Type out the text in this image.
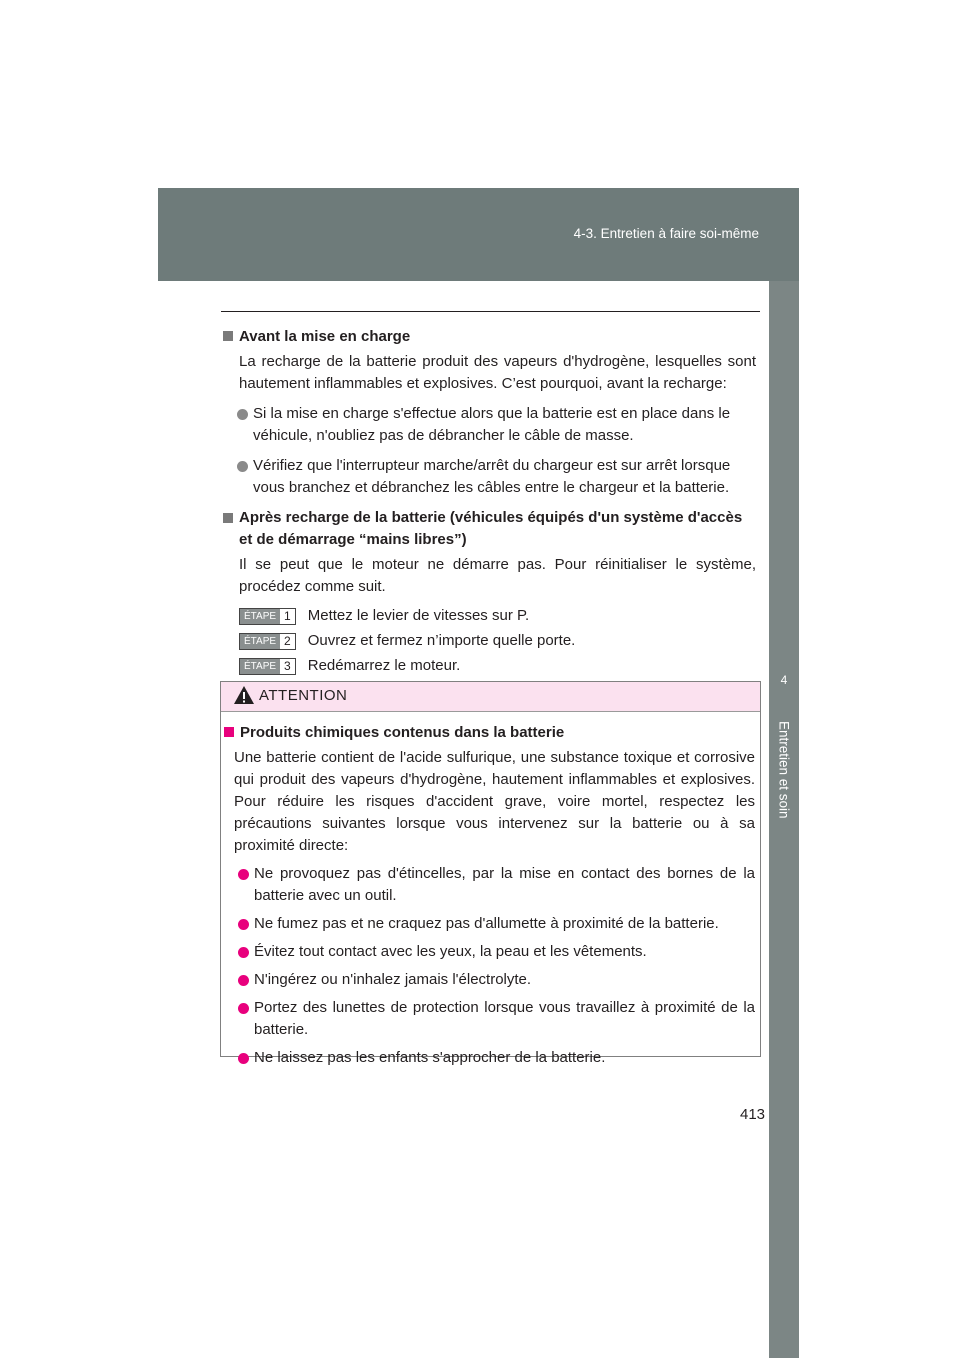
4-3. Entretien à faire soi-même
4
Entretien et soin
Avant la mise en charge
La recharge de la batterie produit des vapeurs d'hydrogène, lesquelles sont hautement inflammables et explosives. C’est pourquoi, avant la recharge:
Si la mise en charge s'effectue alors que la batterie est en place dans le véhicule, n'oubliez pas de débrancher le câble de masse.
Vérifiez que l'interrupteur marche/arrêt du chargeur est sur arrêt lorsque vous branchez et débranchez les câbles entre le chargeur et la batterie.
Après recharge de la batterie (véhicules équipés d'un système d'accès et de démarrage “mains libres”)
Il se peut que le moteur ne démarre pas. Pour réinitialiser le système, procédez comme suit.
ÉTAPE 1 Mettez le levier de vitesses sur P.
ÉTAPE 2 Ouvrez et fermez n’importe quelle porte.
ÉTAPE 3 Redémarrez le moteur.
ATTENTION
Produits chimiques contenus dans la batterie
Une batterie contient de l'acide sulfurique, une substance toxique et corrosive qui produit des vapeurs d'hydrogène, hautement inflammables et explosives. Pour réduire les risques d'accident grave, voire mortel, respectez les précautions suivantes lorsque vous intervenez sur la batterie ou à sa proximité directe:
Ne provoquez pas d'étincelles, par la mise en contact des bornes de la batterie avec un outil.
Ne fumez pas et ne craquez pas d'allumette à proximité de la batterie.
Évitez tout contact avec les yeux, la peau et les vêtements.
N'ingérez ou n'inhalez jamais l'électrolyte.
Portez des lunettes de protection lorsque vous travaillez à proximité de la batterie.
Ne laissez pas les enfants s'approcher de la batterie.
413
